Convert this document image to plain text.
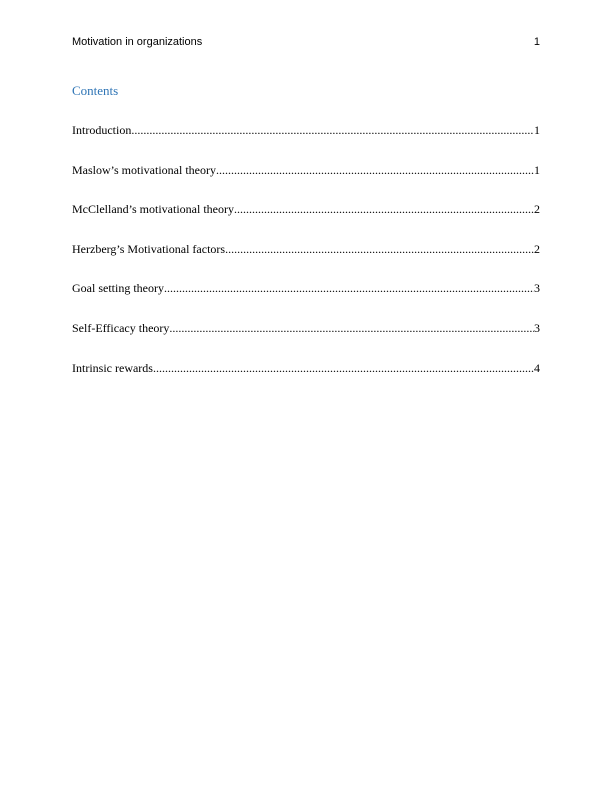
Motivation in organizations	1
Contents
Introduction .....	1
Maslow’s motivational theory .....	1
McClelland’s motivational theory .....	2
Herzberg’s Motivational factors .....	2
Goal setting theory .....	3
Self-Efficacy theory .....	3
Intrinsic rewards .....	4
